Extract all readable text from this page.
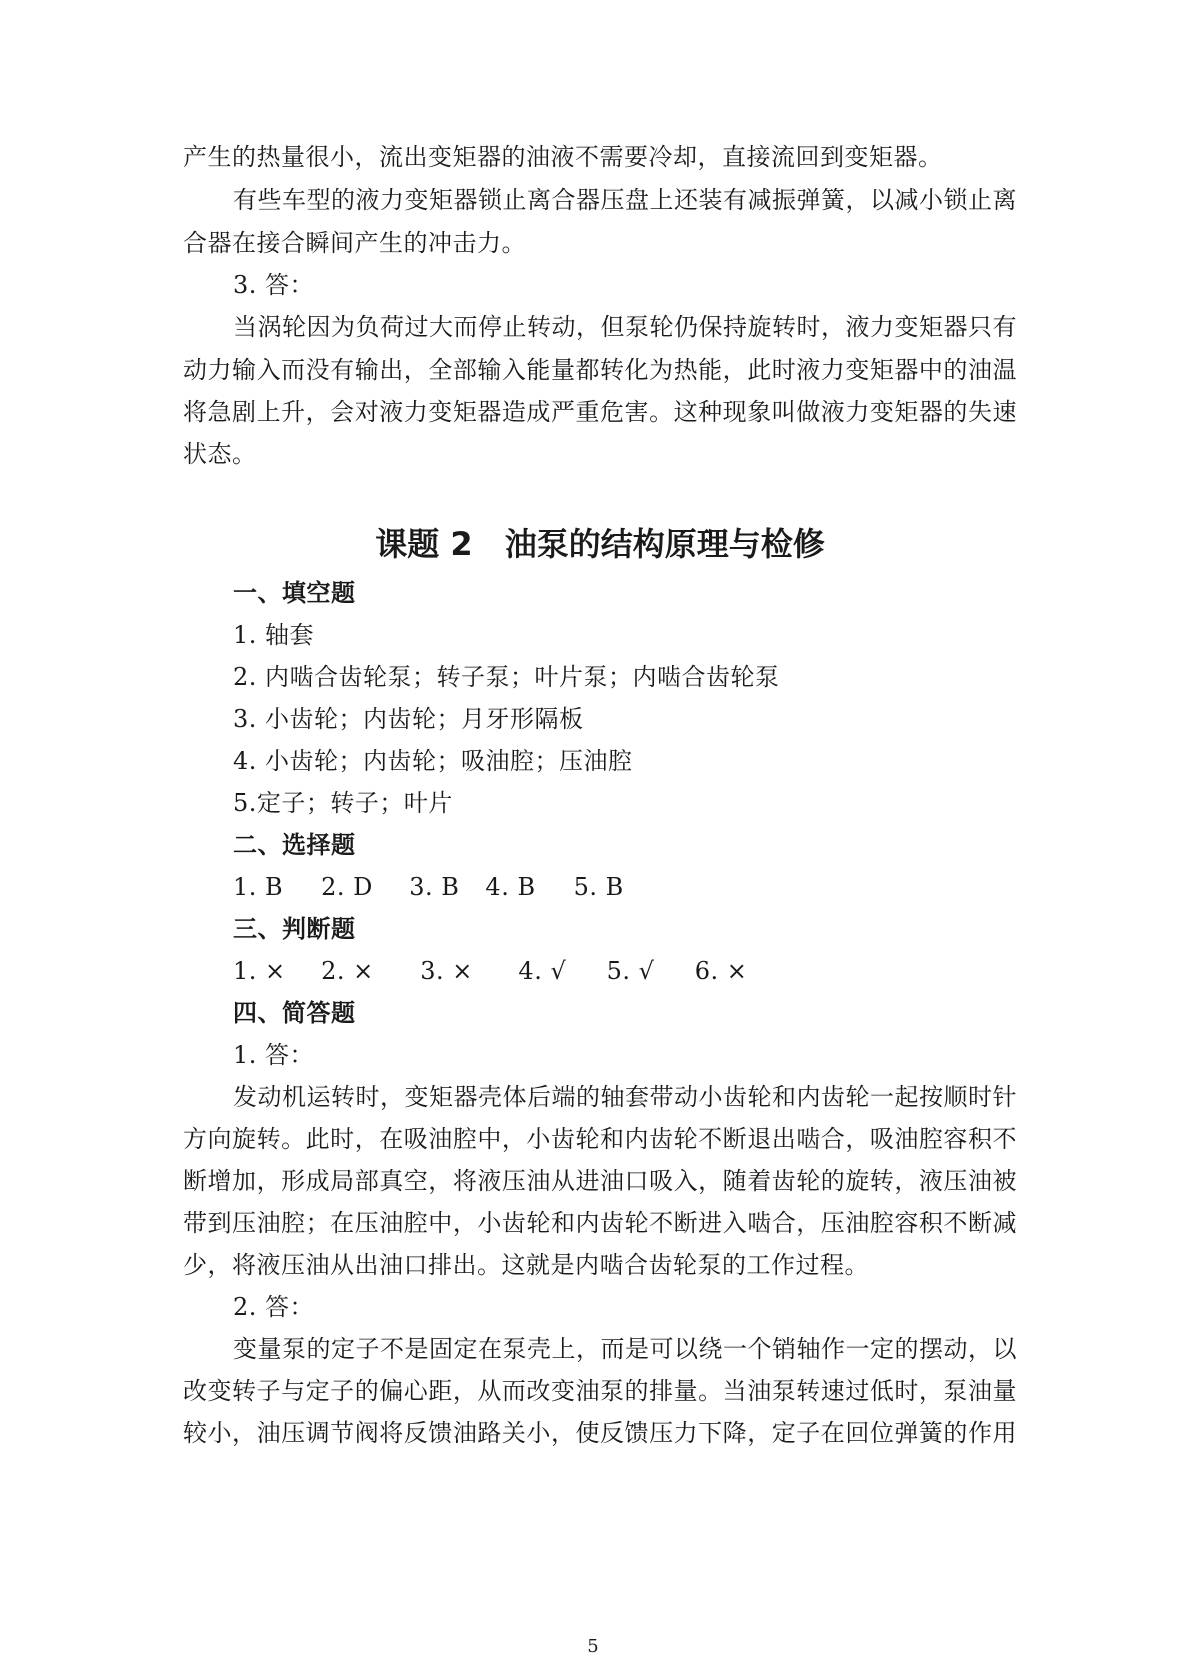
产生的热量很小，流出变矩器的油液不需要冷却，直接流回到变矩器。
有些车型的液力变矩器锁止离合器压盘上还装有减振弹簧，以减小锁止离
合器在接合瞬间产生的冲击力。
3. 答：
当涡轮因为负荷过大而停止转动，但泵轮仍保持旋转时，液力变矩器只有
动力输入而没有输出，全部输入能量都转化为热能，此时液力变矩器中的油温
将急剧上升，会对液力变矩器造成严重危害。这种现象叫做液力变矩器的失速
状态。
课题 2　油泵的结构原理与检修
一、填空题
1. 轴套
2. 内啮合齿轮泵；转子泵；叶片泵；内啮合齿轮泵
3. 小齿轮；内齿轮；月牙形隔板
4. 小齿轮；内齿轮；吸油腔；压油腔
5.定子；转子；叶片
二、选择题
1. B 2. D 3. B 4. B 5. B
三、判断题
1. × 2. × 3. × 4. √ 5. √ 6. ×
四、简答题
1. 答：
发动机运转时，变矩器壳体后端的轴套带动小齿轮和内齿轮一起按顺时针
方向旋转。此时，在吸油腔中，小齿轮和内齿轮不断退出啮合，吸油腔容积不
断增加，形成局部真空，将液压油从进油口吸入，随着齿轮的旋转，液压油被
带到压油腔；在压油腔中，小齿轮和内齿轮不断进入啮合，压油腔容积不断减
少，将液压油从出油口排出。这就是内啮合齿轮泵的工作过程。
2. 答：
变量泵的定子不是固定在泵壳上，而是可以绕一个销轴作一定的摆动，以
改变转子与定子的偏心距，从而改变油泵的排量。当油泵转速过低时，泵油量
较小，油压调节阀将反馈油路关小，使反馈压力下降，定子在回位弹簧的作用
5
